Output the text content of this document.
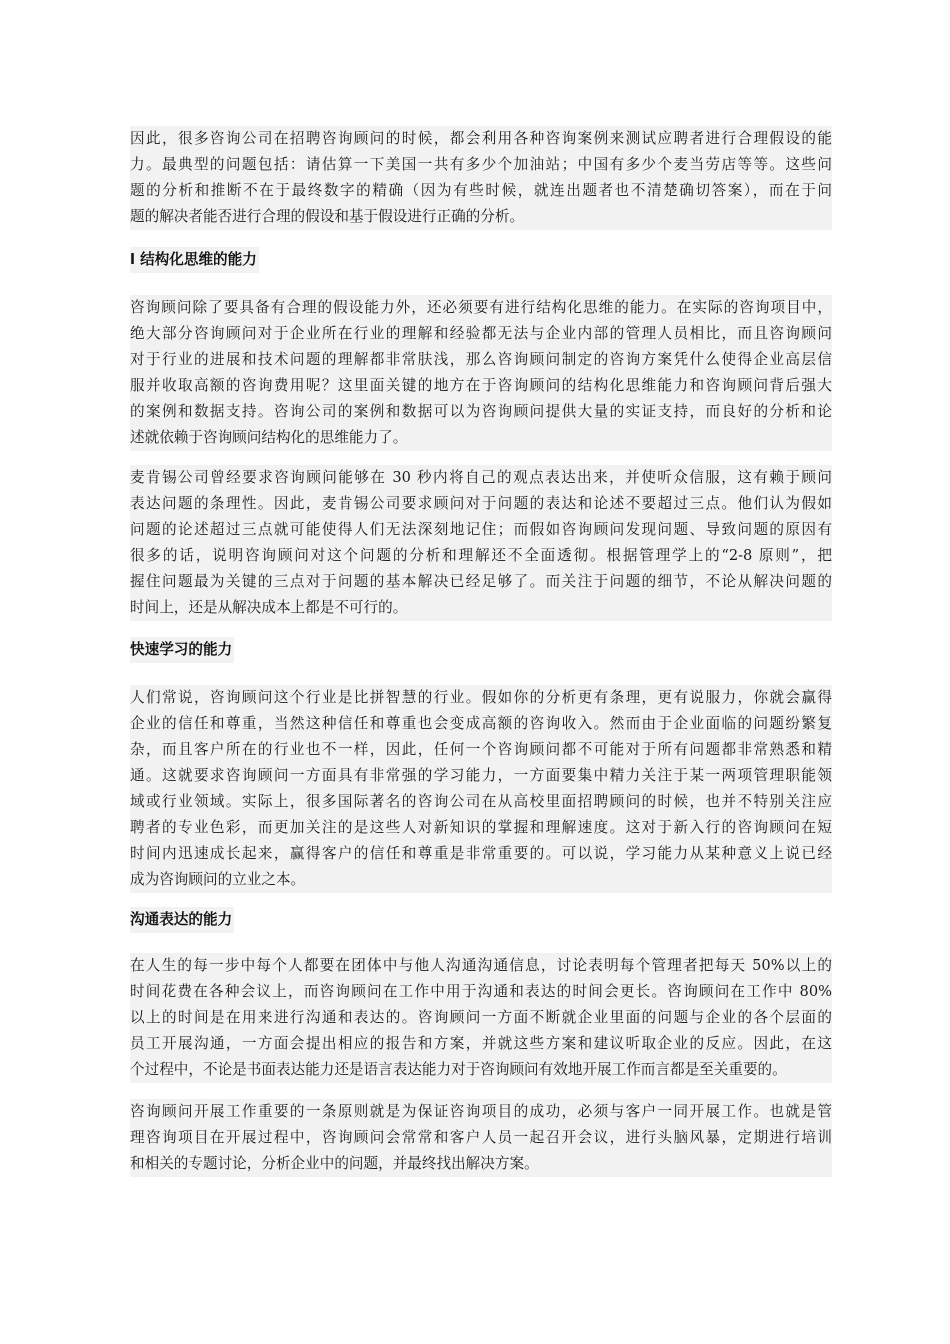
因此，很多咨询公司在招聘咨询顾问的时候，都会利用各种咨询案例来测试应聘者进行合理假设的能
力。最典型的问题包括：请估算一下美国一共有多少个加油站；中国有多少个麦当劳店等等。这些问
题的分析和推断不在于最终数字的精确（因为有些时候，就连出题者也不清楚确切答案），而在于问
题的解决者能否进行合理的假设和基于假设进行正确的分析。
l 结构化思维的能力
咨询顾问除了要具备有合理的假设能力外，还必须要有进行结构化思维的能力。在实际的咨询项目中，
绝大部分咨询顾问对于企业所在行业的理解和经验都无法与企业内部的管理人员相比，而且咨询顾问
对于行业的进展和技术问题的理解都非常肤浅，那么咨询顾问制定的咨询方案凭什么使得企业高层信
服并收取高额的咨询费用呢？这里面关键的地方在于咨询顾问的结构化思维能力和咨询顾问背后强大
的案例和数据支持。咨询公司的案例和数据可以为咨询顾问提供大量的实证支持，而良好的分析和论
述就依赖于咨询顾问结构化的思维能力了。
麦肯锡公司曾经要求咨询顾问能够在 30 秒内将自己的观点表达出来，并使听众信服，这有赖于顾问
表达问题的条理性。因此，麦肯锡公司要求顾问对于问题的表达和论述不要超过三点。他们认为假如
问题的论述超过三点就可能使得人们无法深刻地记住；而假如咨询顾问发现问题、导致问题的原因有
很多的话，说明咨询顾问对这个问题的分析和理解还不全面透彻。根据管理学上的“2-8 原则”，把
握住问题最为关键的三点对于问题的基本解决已经足够了。而关注于问题的细节，不论从解决问题的
时间上，还是从解决成本上都是不可行的。
快速学习的能力
人们常说，咨询顾问这个行业是比拼智慧的行业。假如你的分析更有条理，更有说服力，你就会赢得
企业的信任和尊重，当然这种信任和尊重也会变成高额的咨询收入。然而由于企业面临的问题纷繁复
杂，而且客户所在的行业也不一样，因此，任何一个咨询顾问都不可能对于所有问题都非常熟悉和精
通。这就要求咨询顾问一方面具有非常强的学习能力，一方面要集中精力关注于某一两项管理职能领
域或行业领域。实际上，很多国际著名的咨询公司在从高校里面招聘顾问的时候，也并不特别关注应
聘者的专业色彩，而更加关注的是这些人对新知识的掌握和理解速度。这对于新入行的咨询顾问在短
时间内迅速成长起来，赢得客户的信任和尊重是非常重要的。可以说，学习能力从某种意义上说已经
成为咨询顾问的立业之本。
沟通表达的能力
在人生的每一步中每个人都要在团体中与他人沟通沟通信息，讨论表明每个管理者把每天 50%以上的
时间花费在各种会议上，而咨询顾问在工作中用于沟通和表达的时间会更长。咨询顾问在工作中 80%
以上的时间是在用来进行沟通和表达的。咨询顾问一方面不断就企业里面的问题与企业的各个层面的
员工开展沟通，一方面会提出相应的报告和方案，并就这些方案和建议听取企业的反应。因此，在这
个过程中，不论是书面表达能力还是语言表达能力对于咨询顾问有效地开展工作而言都是至关重要的。
咨询顾问开展工作重要的一条原则就是为保证咨询项目的成功，必须与客户一同开展工作。也就是管
理咨询项目在开展过程中，咨询顾问会常常和客户人员一起召开会议，进行头脑风暴，定期进行培训
和相关的专题讨论，分析企业中的问题，并最终找出解决方案。
